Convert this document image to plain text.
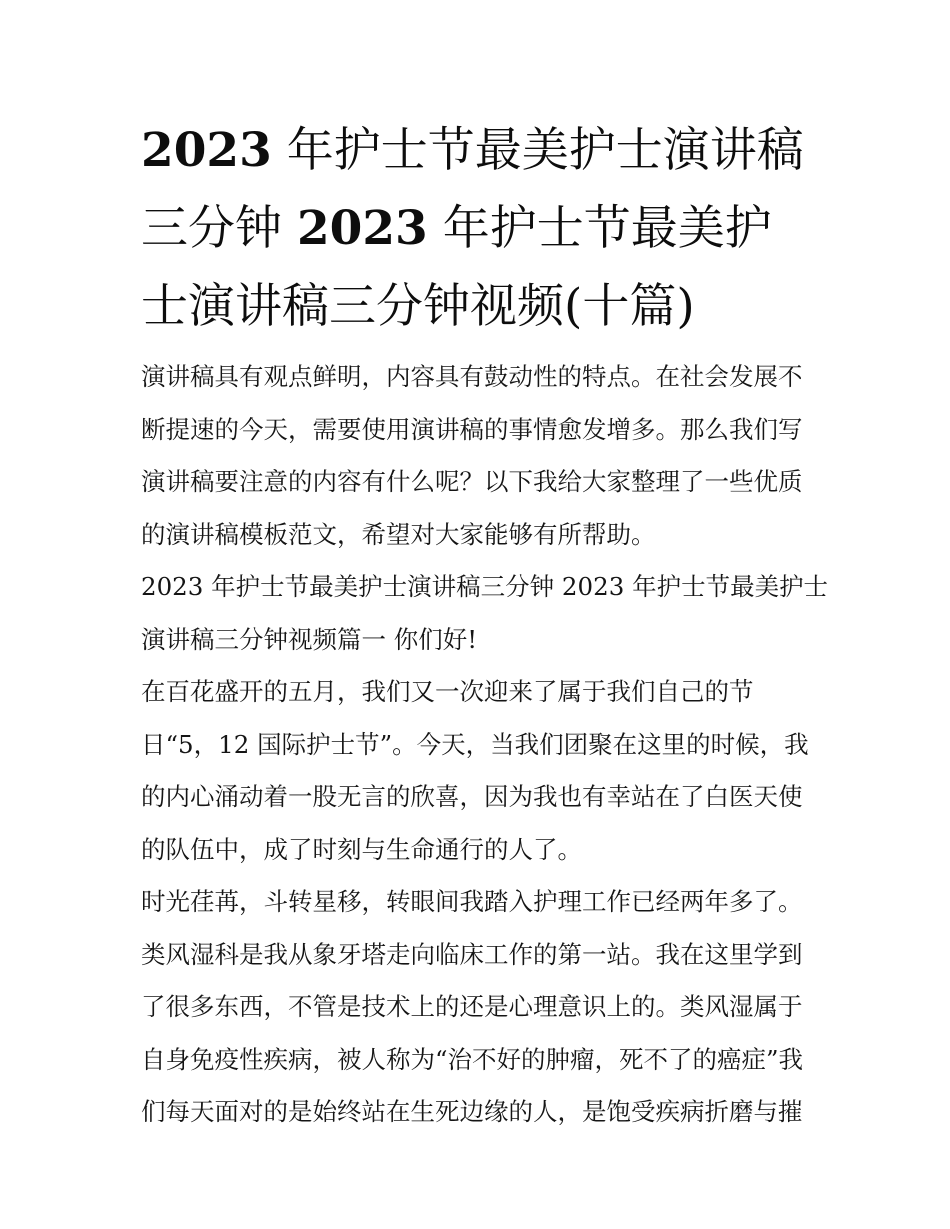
2023 年护士节最美护士演讲稿
三分钟 2023 年护士节最美护
士演讲稿三分钟视频(十篇)
演讲稿具有观点鲜明，内容具有鼓动性的特点。在社会发展不
断提速的今天，需要使用演讲稿的事情愈发增多。那么我们写
演讲稿要注意的内容有什么呢？以下我给大家整理了一些优质
的演讲稿模板范文，希望对大家能够有所帮助。
2023 年护士节最美护士演讲稿三分钟 2023 年护士节最美护士
演讲稿三分钟视频篇一 你们好!
在百花盛开的五月，我们又一次迎来了属于我们自己的节
日“5，12 国际护士节”。今天，当我们团聚在这里的时候，我
的内心涌动着一股无言的欣喜，因为我也有幸站在了白医天使
的队伍中，成了时刻与生命通行的人了。
时光荏苒，斗转星移，转眼间我踏入护理工作已经两年多了。
类风湿科是我从象牙塔走向临床工作的第一站。我在这里学到
了很多东西，不管是技术上的还是心理意识上的。类风湿属于
自身免疫性疾病，被人称为“治不好的肿瘤，死不了的癌症”我
们每天面对的是始终站在生死边缘的人，是饱受疾病折磨与摧
